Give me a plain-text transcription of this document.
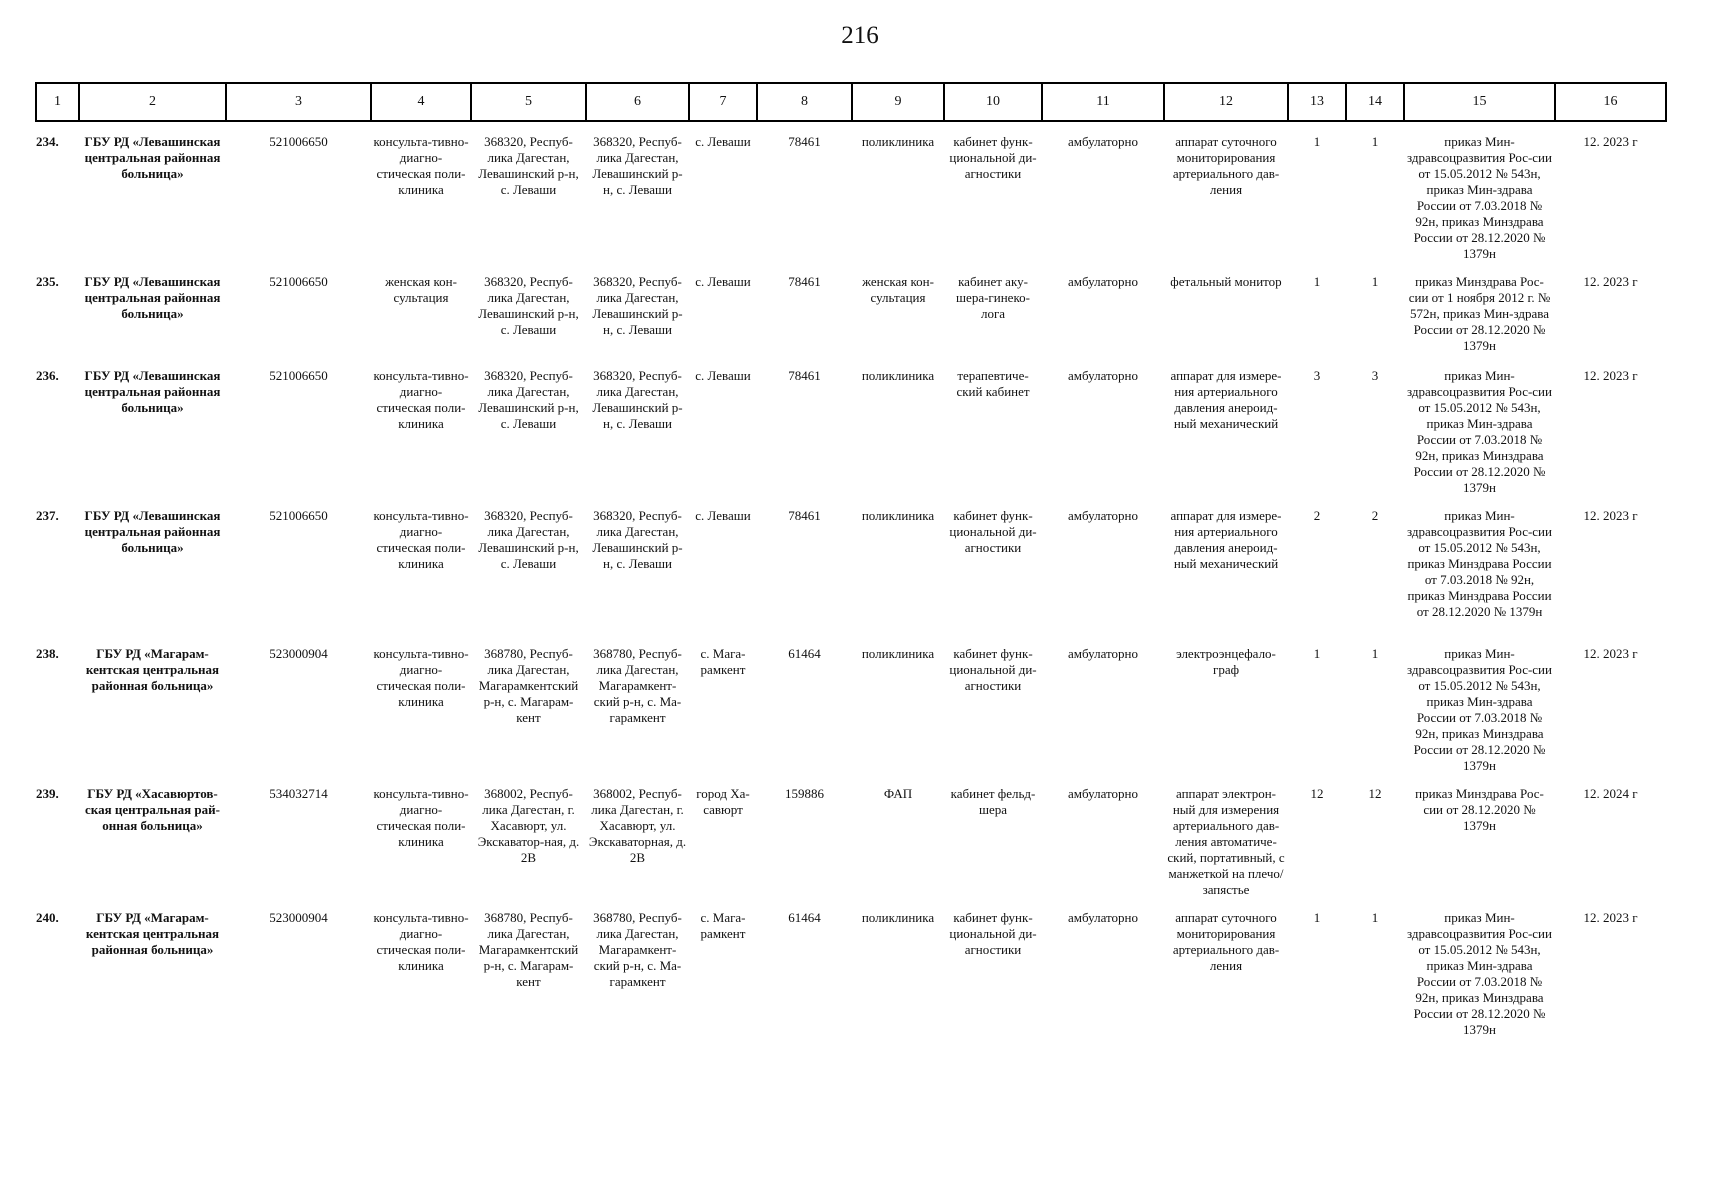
216
1	2	3	4	5	6	7	8	9	10	11	12	13	14	15	16
234.	ГБУ РД «Левашинская центральная районная больница»	521006650	консульта-тивно-диагно-стическая поли-клиника	368320, Респуб-лика Дагестан, Левашинский р-н, с. Леваши	368320, Респуб-лика Дагестан, Левашинский р-н, с. Леваши	с. Леваши	78461	поликлиника	кабинет функ-циональной ди-агностики	амбулаторно	аппарат суточного мониторирования артериального дав-ления	1	1	приказ Мин-здравсоцразвития Рос-сии от 15.05.2012 № 543н, приказ Мин-здрава России от 7.03.2018 № 92н, приказ Минздрава России от 28.12.2020 № 1379н	12. 2023 г
235.	ГБУ РД «Левашинская центральная районная больница»	521006650	женская кон-сультация	368320, Респуб-лика Дагестан, Левашинский р-н, с. Леваши	368320, Респуб-лика Дагестан, Левашинский р-н, с. Леваши	с. Леваши	78461	женская кон-сультация	кабинет аку-шера-гинеко-лога	амбулаторно	фетальный монитор	1	1	приказ Минздрава Рос-сии от 1 ноября 2012 г. № 572н, приказ Мин-здрава России от 28.12.2020 № 1379н	12. 2023 г
236.	ГБУ РД «Левашинская центральная районная больница»	521006650	консульта-тивно-диагно-стическая поли-клиника	368320, Респуб-лика Дагестан, Левашинский р-н, с. Леваши	368320, Респуб-лика Дагестан, Левашинский р-н, с. Леваши	с. Леваши	78461	поликлиника	терапевтиче-ский кабинет	амбулаторно	аппарат для измере-ния артериального давления анероид-ный механический	3	3	приказ Мин-здравсоцразвития Рос-сии от 15.05.2012 № 543н, приказ Мин-здрава России от 7.03.2018 № 92н, приказ Минздрава России от 28.12.2020 № 1379н	12. 2023 г
237.	ГБУ РД «Левашинская центральная районная больница»	521006650	консульта-тивно-диагно-стическая поли-клиника	368320, Респуб-лика Дагестан, Левашинский р-н, с. Леваши	368320, Респуб-лика Дагестан, Левашинский р-н, с. Леваши	с. Леваши	78461	поликлиника	кабинет функ-циональной ди-агностики	амбулаторно	аппарат для измере-ния артериального давления анероид-ный механический	2	2	приказ Мин-здравсоцразвития Рос-сии от 15.05.2012 № 543н, приказ Минздрава России от 7.03.2018 № 92н, приказ Минздрава России от 28.12.2020 № 1379н	12. 2023 г
238.	ГБУ РД «Магарам-кентская центральная районная больница»	523000904	консульта-тивно-диагно-стическая поли-клиника	368780, Респуб-лика Дагестан, Магарамкентский р-н, с. Магарам-кент	368780, Респуб-лика Дагестан, Магарамкент-ский р-н, с. Ма-гарамкент	с. Мага-рамкент	61464	поликлиника	кабинет функ-циональной ди-агностики	амбулаторно	электроэнцефало-граф	1	1	приказ Мин-здравсоцразвития Рос-сии от 15.05.2012 № 543н, приказ Мин-здрава России от 7.03.2018 № 92н, приказ Минздрава России от 28.12.2020 № 1379н	12. 2023 г
239.	ГБУ РД «Хасавюртов-ская центральная рай-онная больница»	534032714	консульта-тивно-диагно-стическая поли-клиника	368002, Респуб-лика Дагестан, г. Хасавюрт, ул. Экскаватор-ная, д. 2В	368002, Респуб-лика Дагестан, г. Хасавюрт, ул. Экскаваторная, д. 2В	город Ха-савюрт	159886	ФАП	кабинет фельд-шера	амбулаторно	аппарат электрон-ный для измерения артериального дав-ления автоматиче-ский, портативный, с манжеткой на плечо/запястье	12	12	приказ Минздрава Рос-сии от 28.12.2020 № 1379н	12. 2024 г
240.	ГБУ РД «Магарам-кентская центральная районная больница»	523000904	консульта-тивно-диагно-стическая поли-клиника	368780, Респуб-лика Дагестан, Магарамкентский р-н, с. Магарам-кент	368780, Респуб-лика Дагестан, Магарамкент-ский р-н, с. Ма-гарамкент	с. Мага-рамкент	61464	поликлиника	кабинет функ-циональной ди-агностики	амбулаторно	аппарат суточного мониторирования артериального дав-ления	1	1	приказ Мин-здравсоцразвития Рос-сии от 15.05.2012 № 543н, приказ Мин-здрава России от 7.03.2018 № 92н, приказ Минздрава России от 28.12.2020 № 1379н	12. 2023 г
